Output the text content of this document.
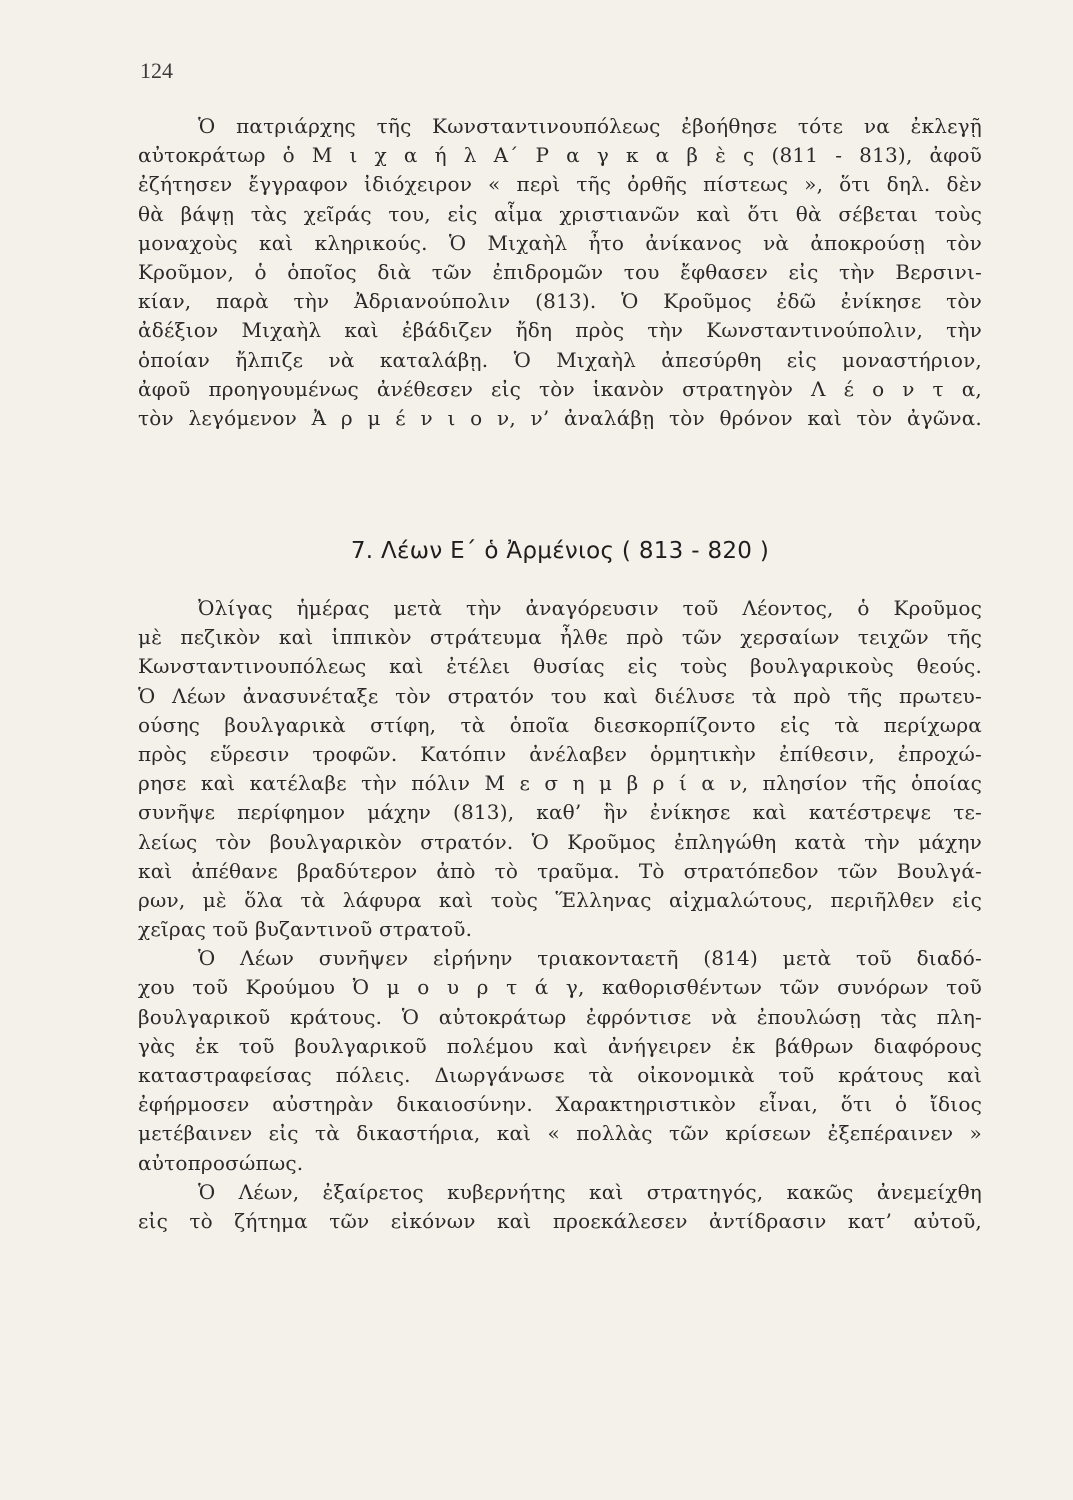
124
Ὁ πατριάρχης τῆς Κωνσταντινουπόλεως ἐβοήθησε τότε να ἐκλεγῇ
αὐτοκράτωρ ὁ Μ ι χ α ή λ Α΄ Ρ α γ κ α β ὲ ς (811 - 813), ἀφοῦ
ἐζήτησεν ἔγγραφον ἰδιόχειρον « περὶ τῆς ὀρθῆς πίστεως », ὅτι δηλ. δὲν
θὰ βάψῃ τὰς χεῖράς του, εἰς αἷμα χριστιανῶν καὶ ὅτι θὰ σέβεται τοὺς
μοναχοὺς καὶ κληρικούς. Ὁ Μιχαὴλ ἦτο ἀνίκανος νὰ ἀποκρούσῃ τὸν
Κροῦμον, ὁ ὁποῖος διὰ τῶν ἐπιδρομῶν του ἔφθασεν εἰς τὴν Βερσινι-
κίαν, παρὰ τὴν Ἀδριανούπολιν (813). Ὁ Κροῦμος ἐδῶ ἐνίκησε τὸν
ἀδέξιον Μιχαὴλ καὶ ἐβάδιζεν ἤδη πρὸς τὴν Κωνσταντινούπολιν, τὴν
ὁποίαν ἤλπιζε νὰ καταλάβῃ. Ὁ Μιχαὴλ ἀπεσύρθη εἰς μοναστήριον,
ἀφοῦ προηγουμένως ἀνέθεσεν εἰς τὸν ἱκανὸν στρατηγὸν Λ έ ο ν τ α,
τὸν λεγόμενον Ἀ ρ μ έ ν ι ο ν, ν’ ἀναλάβῃ τὸν θρόνον καὶ τὸν ἀγῶνα.
7. Λέων Ε΄ ὁ Ἀρμένιος ( 813 - 820 )
Ὀλίγας ἡμέρας μετὰ τὴν ἀναγόρευσιν τοῦ Λέοντος, ὁ Κροῦμος
μὲ πεζικὸν καὶ ἱππικὸν στράτευμα ἦλθε πρὸ τῶν χερσαίων τειχῶν τῆς
Κωνσταντινουπόλεως καὶ ἐτέλει θυσίας εἰς τοὺς βουλγαρικοὺς θεούς.
Ὁ Λέων ἀνασυνέταξε τὸν στρατόν του καὶ διέλυσε τὰ πρὸ τῆς πρωτευ-
ούσης βουλγαρικὰ στίφη, τὰ ὁποῖα διεσκορπίζοντο εἰς τὰ περίχωρα
πρὸς εὕρεσιν τροφῶν. Κατόπιν ἀνέλαβεν ὁρμητικὴν ἐπίθεσιν, ἐπροχώ-
ρησε καὶ κατέλαβε τὴν πόλιν Μ ε σ η μ β ρ ί α ν, πλησίον τῆς ὁποίας
συνῆψε περίφημον μάχην (813), καθ’ ἣν ἐνίκησε καὶ κατέστρεψε τε-
λείως τὸν βουλγαρικὸν στρατόν. Ὁ Κροῦμος ἐπληγώθη κατὰ τὴν μάχην
καὶ ἀπέθανε βραδύτερον ἀπὸ τὸ τραῦμα. Τὸ στρατόπεδον τῶν Βουλγά-
ρων, μὲ ὅλα τὰ λάφυρα καὶ τοὺς Ἕλληνας αἰχμαλώτους, περιῆλθεν εἰς
χεῖρας τοῦ βυζαντινοῦ στρατοῦ.
Ὁ Λέων συνῆψεν εἰρήνην τριακονταετῆ (814) μετὰ τοῦ διαδό-
χου τοῦ Κρούμου Ὀ μ ο υ ρ τ ά γ, καθορισθέντων τῶν συνόρων τοῦ
βουλγαρικοῦ κράτους. Ὁ αὐτοκράτωρ ἐφρόντισε νὰ ἐπουλώσῃ τὰς πλη-
γὰς ἐκ τοῦ βουλγαρικοῦ πολέμου καὶ ἀνήγειρεν ἐκ βάθρων διαφόρους
καταστραφείσας πόλεις. Διωργάνωσε τὰ οἰκονομικὰ τοῦ κράτους καὶ
ἐφήρμοσεν αὐστηρὰν δικαιοσύνην. Χαρακτηριστικὸν εἶναι, ὅτι ὁ ἴδιος
μετέβαινεν εἰς τὰ δικαστήρια, καὶ « πολλὰς τῶν κρίσεων ἐξεπέραινεν »
αὐτοπροσώπως.
Ὁ Λέων, ἐξαίρετος κυβερνήτης καὶ στρατηγός, κακῶς ἀνεμείχθη
εἰς τὸ ζήτημα τῶν εἰκόνων καὶ προεκάλεσεν ἀντίδρασιν κατ’ αὐτοῦ,
